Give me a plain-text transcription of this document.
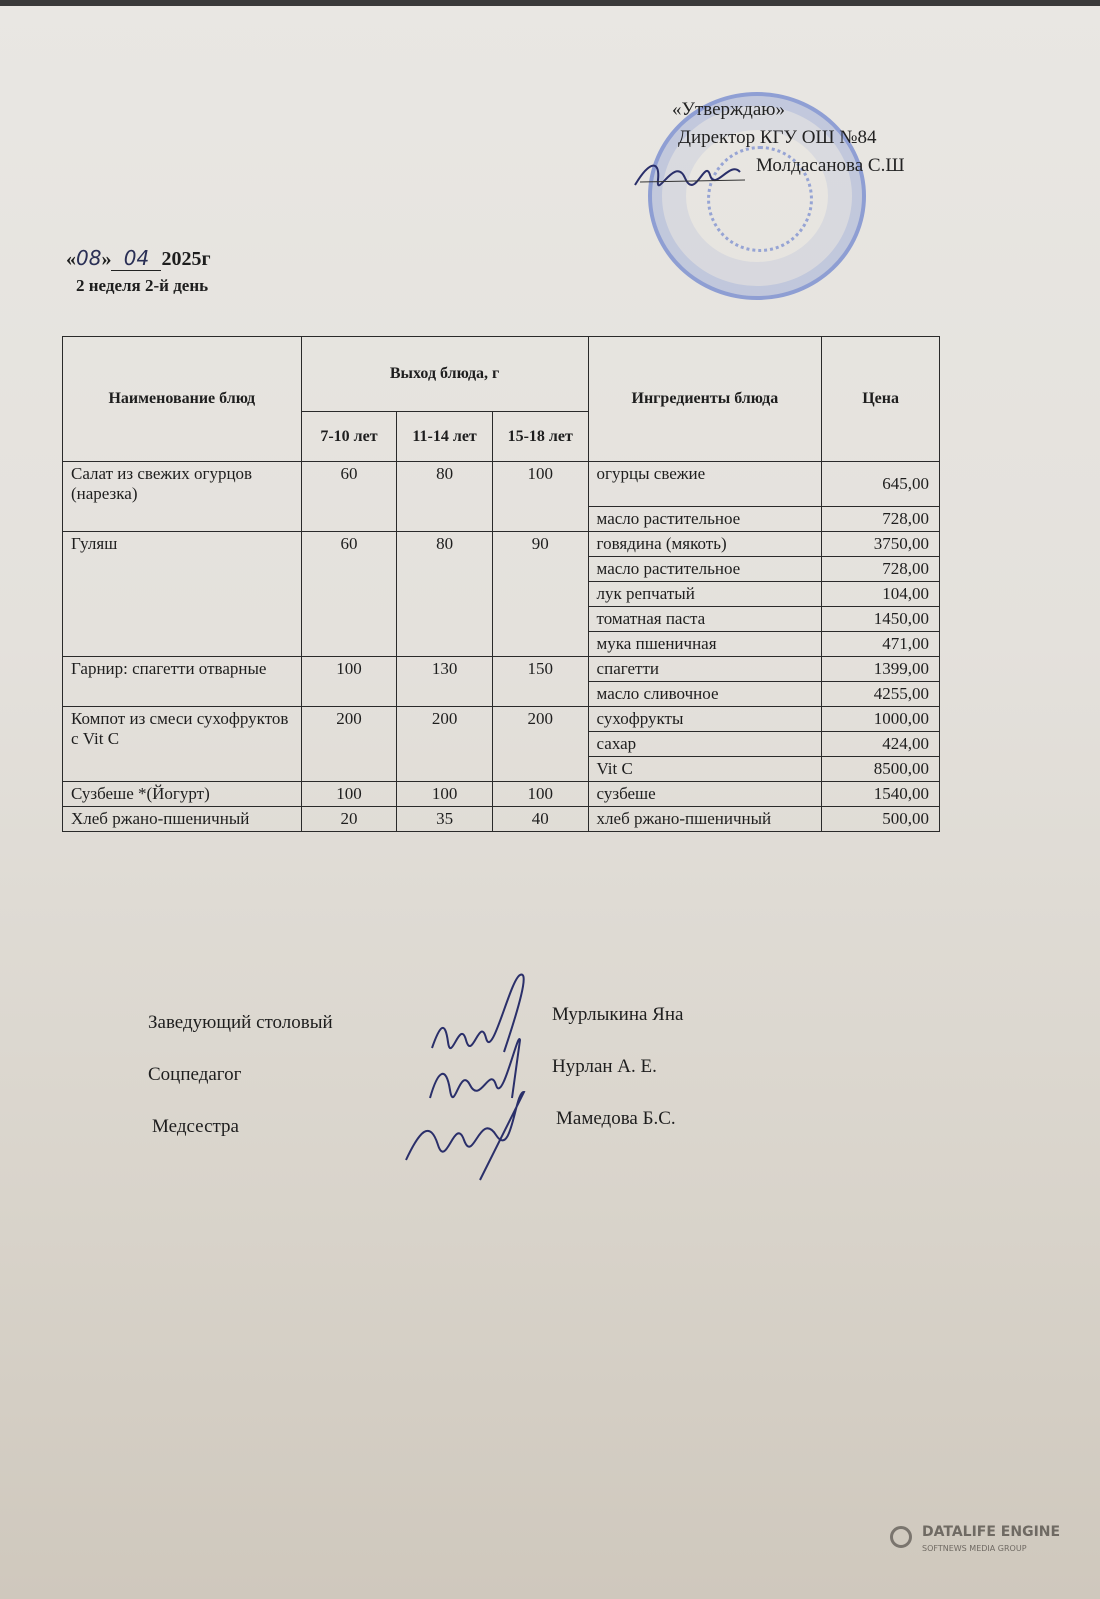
«Утверждаю»
Директор КГУ ОШ №84
Молдасанова С.Ш
«08» 04 2025г
2 неделя 2-й день
Наименование блюд	Выход блюда, г			Ингредиенты блюда	Цена
	7-10 лет	11-14 лет	15-18 лет		
Салат из свежих огурцов (нарезка)	60	80	100	огурцы свежие	645,00
				масло растительное	728,00
Гуляш	60	80	90	говядина (мякоть)	3750,00
				масло растительное	728,00
				лук репчатый	104,00
				томатная паста	1450,00
				мука пшеничная	471,00
Гарнир: спагетти отварные	100	130	150	спагетти	1399,00
				масло сливочное	4255,00
Компот из смеси сухофруктов с Vit C	200	200	200	сухофрукты	1000,00
				сахар	424,00
				Vit C	8500,00
Сузбеше *(Йогурт)	100	100	100	сузбеше	1540,00
Хлеб ржано-пшеничный	20	35	40	хлеб ржано-пшеничный	500,00
Заведующий столовый	Мурлыкина Яна
Соцпедагог	Нурлан А. Е.
Медсестра	Мамедова Б.С.
DATALIFE ENGINE
SOFTNEWS MEDIA GROUP
